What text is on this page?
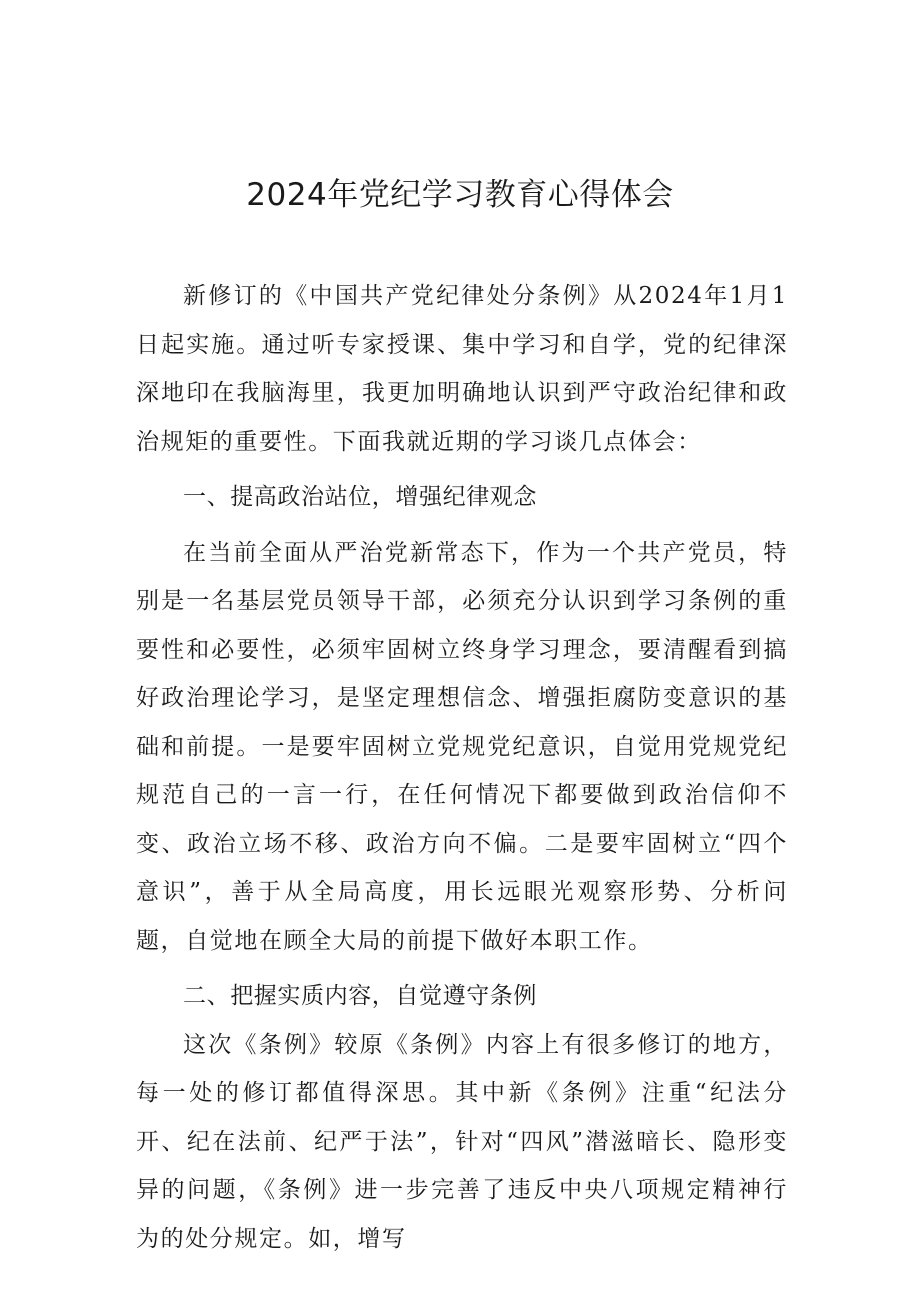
2024年党纪学习教育心得体会

新修订的《中国共产党纪律处分条例》从2024年1月1日起实施。通过听专家授课、集中学习和自学，党的纪律深深地印在我脑海里，我更加明确地认识到严守政治纪律和政治规矩的重要性。下面我就近期的学习谈几点体会：

一、提高政治站位，增强纪律观念

在当前全面从严治党新常态下，作为一个共产党员，特别是一名基层党员领导干部，必须充分认识到学习条例的重要性和必要性，必须牢固树立终身学习理念，要清醒看到搞好政治理论学习，是坚定理想信念、增强拒腐防变意识的基础和前提。一是要牢固树立党规党纪意识，自觉用党规党纪规范自己的一言一行，在任何情况下都要做到政治信仰不变、政治立场不移、政治方向不偏。二是要牢固树立“四个意识”，善于从全局高度，用长远眼光观察形势、分析问题，自觉地在顾全大局的前提下做好本职工作。

二、把握实质内容，自觉遵守条例

这次《条例》较原《条例》内容上有很多修订的地方，每一处的修订都值得深思。其中新《条例》注重“纪法分开、纪在法前、纪严于法”，针对“四风”潜滋暗长、隐形变异的问题，《条例》进一步完善了违反中央八项规定精神行为的处分规定。如，增写
